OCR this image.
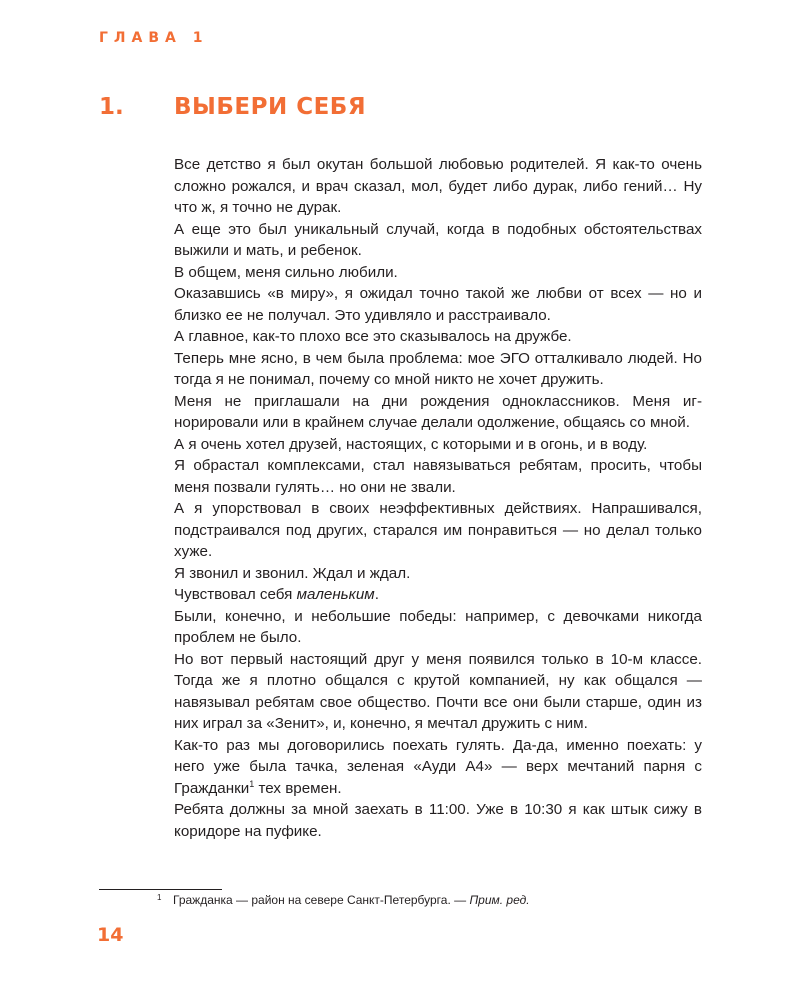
ГЛАВА 1
1. ВЫБЕРИ СЕБЯ

Все детство я был окутан большой любовью родителей. Я как-то очень сложно рожался, и врач сказал, мол, будет либо дурак, либо гений… Ну что ж, я точно не дурак.

А еще это был уникальный случай, когда в подобных обстоятельствах выжили и мать, и ребенок.

В общем, меня сильно любили.

Оказавшись «в миру», я ожидал точно такой же любви от всех — но и близко ее не получал. Это удивляло и расстраивало.

А главное, как-то плохо все это сказывалось на дружбе.

Теперь мне ясно, в чем была проблема: мое ЭГО отталкивало людей. Но тогда я не понимал, почему со мной никто не хочет дружить.

Меня не приглашали на дни рождения одноклассников. Меня игнорировали или в крайнем случае делали одолжение, общаясь со мной.

А я очень хотел друзей, настоящих, с которыми и в огонь, и в воду.

Я обрастал комплексами, стал навязываться ребятам, просить, чтобы меня позвали гулять… но они не звали.

А я упорствовал в своих неэффективных действиях. Напрашивался, подстраивался под других, старался им понравиться — но делал только хуже.

Я звонил и звонил. Ждал и ждал.

Чувствовал себя маленьким.

Были, конечно, и небольшие победы: например, с девочками никогда проблем не было.

Но вот первый настоящий друг у меня появился только в 10-м классе. Тогда же я плотно общался с крутой компанией, ну как общался — навязывал ребятам свое общество. Почти все они были старше, один из них играл за «Зенит», и, конечно, я мечтал дружить с ним.

Как-то раз мы договорились поехать гулять. Да-да, именно поехать: у него уже была тачка, зеленая «Ауди А4» — верх мечтаний парня с Гражданки$^1$ тех времен.

Ребята должны за мной заехать в 11:00. Уже в 10:30 я как штык сижу в коридоре на пуфике.

1 Гражданка — район на севере Санкт-Петербурга. — Прим. ред.
14
